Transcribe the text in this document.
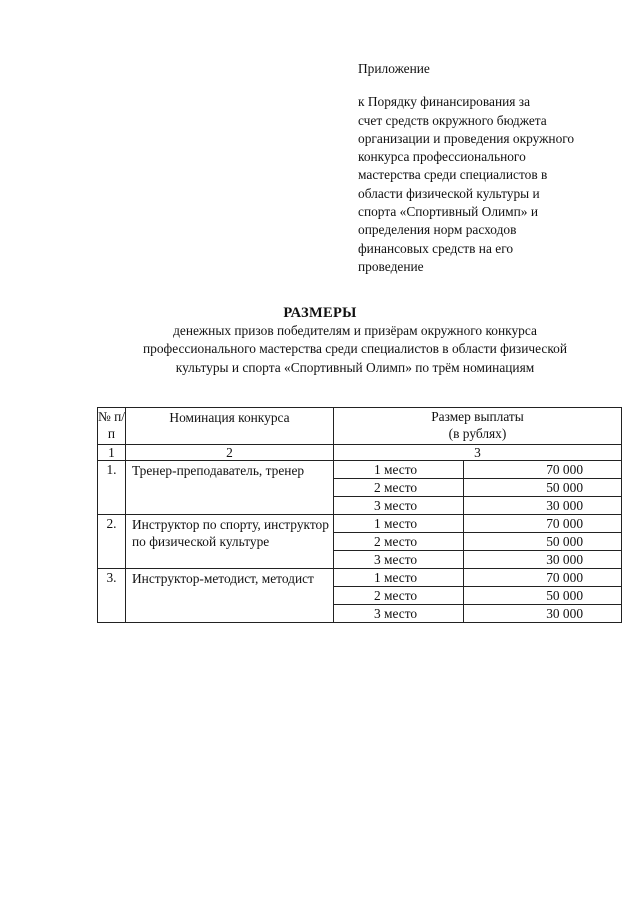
Приложение
к Порядку финансирования за
счет средств окружного бюджета
организации и проведения окружного
конкурса профессионального
мастерства среди специалистов в
области физической культуры и
спорта «Спортивный Олимп» и
определения норм расходов
финансовых средств на его
проведение
РАЗМЕРЫ
денежных призов победителям и призёрам окружного конкурса
профессионального мастерства среди специалистов в области физической
культуры и спорта «Спортивный Олимп» по трём номинациям
№ п/п	Номинация конкурса	Размер выплаты
(в рублях)	
1	2	3	
1.	Тренер-преподаватель, тренер	1 место	70 000
		2 место	50 000
		3 место	30 000
2.	Инструктор по спорту, инструктор по физической культуре	1 место	70 000
		2 место	50 000
		3 место	30 000
3.	Инструктор-методист, методист	1 место	70 000
		2 место	50 000
		3 место	30 000
